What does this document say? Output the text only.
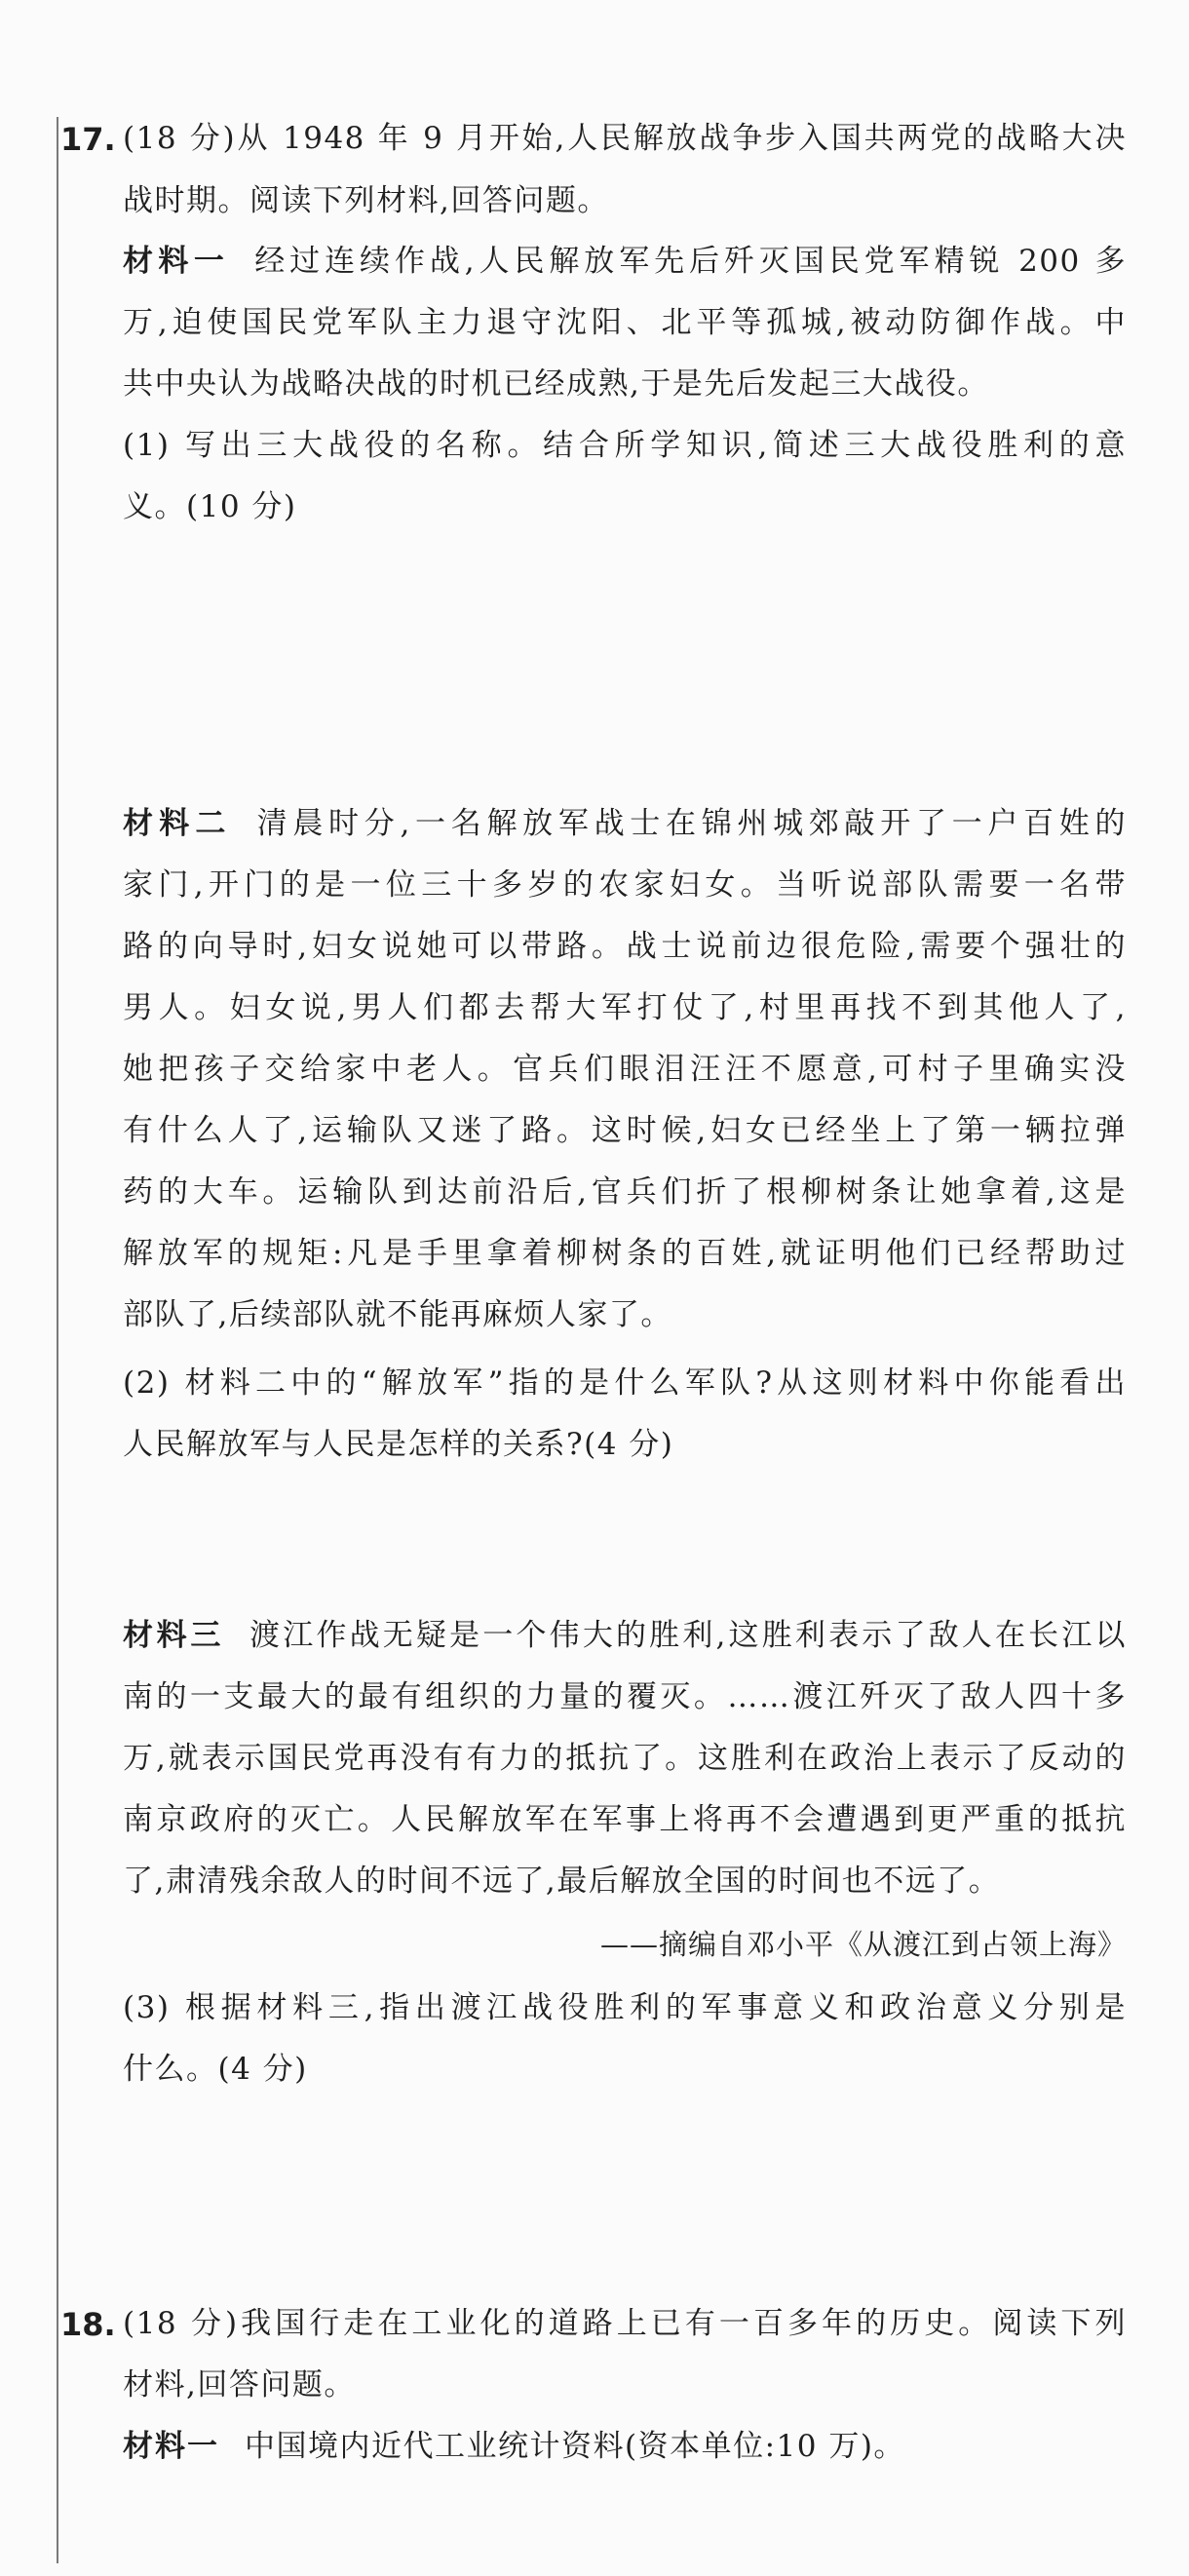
17. (18 分)从 1948 年 9 月开始,人民解放战争步入国共两党的战略大决
战时期。阅读下列材料,回答问题。
材料一 经过连续作战,人民解放军先后歼灭国民党军精锐 200 多
万,迫使国民党军队主力退守沈阳、北平等孤城,被动防御作战。中
共中央认为战略决战的时机已经成熟,于是先后发起三大战役。
(1) 写出三大战役的名称。结合所学知识,简述三大战役胜利的意
义。(10 分)
材料二 清晨时分,一名解放军战士在锦州城郊敲开了一户百姓的
家门,开门的是一位三十多岁的农家妇女。当听说部队需要一名带
路的向导时,妇女说她可以带路。战士说前边很危险,需要个强壮的
男人。妇女说,男人们都去帮大军打仗了,村里再找不到其他人了,
她把孩子交给家中老人。官兵们眼泪汪汪不愿意,可村子里确实没
有什么人了,运输队又迷了路。这时候,妇女已经坐上了第一辆拉弹
药的大车。运输队到达前沿后,官兵们折了根柳树条让她拿着,这是
解放军的规矩:凡是手里拿着柳树条的百姓,就证明他们已经帮助过
部队了,后续部队就不能再麻烦人家了。
(2) 材料二中的“解放军”指的是什么军队?从这则材料中你能看出
人民解放军与人民是怎样的关系?(4 分)
材料三 渡江作战无疑是一个伟大的胜利,这胜利表示了敌人在长江以
南的一支最大的最有组织的力量的覆灭。……渡江歼灭了敌人四十多
万,就表示国民党再没有有力的抵抗了。这胜利在政治上表示了反动的
南京政府的灭亡。人民解放军在军事上将再不会遭遇到更严重的抵抗
了,肃清残余敌人的时间不远了,最后解放全国的时间也不远了。
——摘编自邓小平《从渡江到占领上海》
(3) 根据材料三,指出渡江战役胜利的军事意义和政治意义分别是
什么。(4 分)
18. (18 分)我国行走在工业化的道路上已有一百多年的历史。阅读下列
材料,回答问题。
材料一 中国境内近代工业统计资料(资本单位:10 万)。
